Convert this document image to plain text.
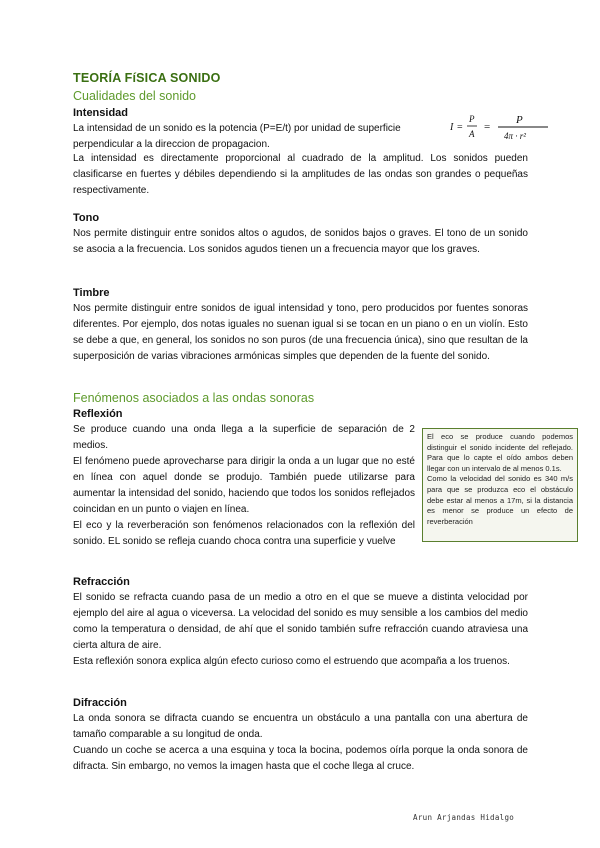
TEORÍA FíSICA SONIDO
Cualidades del sonido
Intensidad

La intensidad de un sonido es la potencia (P=E/t) por unidad de superficie

perpendicular a la direccion de propagacion.

I =
P
A
=
P
4π · r²

La intensidad es directamente proporcional al cuadrado de la amplitud. Los sonidos pueden clasificarse en fuertes y débiles dependiendo si la amplitudes de las ondas son grandes o pequeñas respectivamente.

Tono

Nos permite distinguir entre sonidos altos o agudos, de sonidos bajos o graves. El tono de un sonido se asocia a la frecuencia. Los sonidos agudos tienen un a frecuencia mayor que los graves.

Timbre

Nos permite distinguir entre sonidos de igual intensidad y tono, pero producidos por fuentes sonoras diferentes. Por ejemplo, dos notas iguales no suenan igual si se tocan en un piano o en un violín. Esto se debe a que, en general, los sonidos no son puros (de una frecuencia única), sino que resultan de la superposición de varias vibraciones armónicas simples que dependen de la fuente del sonido.

Fenómenos asociados a las ondas sonoras
Reflexión

Se produce cuando una onda llega a la superficie de separación de 2 medios.

El fenómeno puede aprovecharse para dirigir la onda a un lugar que no esté en línea con aquel donde se produjo. También puede utilizarse para aumentar la intensidad del sonido, haciendo que todos los sonidos reflejados coincidan en un punto o viajen en línea.

El eco y la reverberación son fenómenos relacionados con la reflexión del sonido. EL sonido se refleja cuando choca contra una superficie y vuelve

El eco se produce cuando podemos distinguir el sonido incidente del reflejado. Para que lo capte el oído ambos deben llegar con un intervalo de al menos 0.1s.

Como la velocidad del sonido es 340 m/s para que se produzca eco el obstáculo debe estar al menos a 17m, si la distancia es menor se produce un efecto de reverberación

Refracción

El sonido se refracta cuando pasa de un medio a otro en el que se mueve a distinta velocidad por ejemplo del aire al agua o viceversa. La velocidad del sonido es muy sensible a los cambios del medio como la temperatura o densidad, de ahí que el sonido también sufre refracción cuando atraviesa una cierta altura de aire.

Esta reflexión sonora explica algún efecto curioso como el estruendo que acompaña a los truenos.

Difracción

La onda sonora se difracta cuando se encuentra un obstáculo a una pantalla con una abertura de tamaño comparable a su longitud de onda.

Cuando un coche se acerca a una esquina y toca la bocina, podemos oírla porque la onda sonora de difracta. Sin embargo, no vemos la imagen hasta que el coche llega al cruce.

Arun Arjandas Hidalgo
